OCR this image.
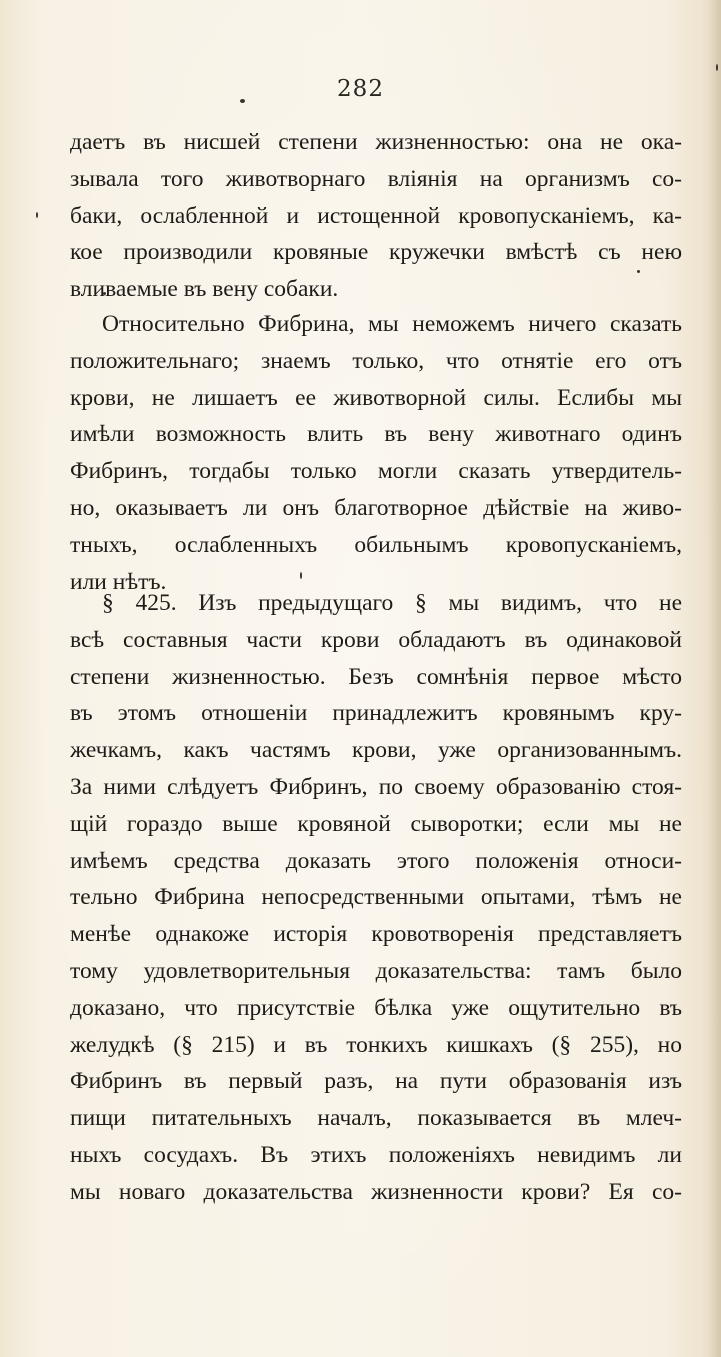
282
даетъ въ нисшей степени жизненностью: она не ока-
зывала того животворнаго влiянiя на организмъ со-
баки, ослабленной и истощенной кровопусканiемъ, ка-
кое производили кровяные кружечки вмѣстѣ съ нею
вливаемые въ вену собаки.
Относительно Фибрина, мы неможемъ ничего сказать
положительнаго; знаемъ только, что отнятiе его отъ
крови, не лишаетъ ее животворной силы. Еслибы мы
имѣли возможность влить въ вену животнаго одинъ
Фибринъ, тогдабы только могли сказать утвердитель-
но, оказываетъ ли онъ благотворное дѣйствiе на живо-
тныхъ, ослабленныхъ обильнымъ кровопусканiемъ,
или нѣтъ.
§ 425. Изъ предыдущаго § мы видимъ, что не
всѣ составныя части крови обладаютъ въ одинаковой
степени жизненностью. Безъ сомнѣнiя первое мѣсто
въ этомъ отношенiи принадлежитъ кровянымъ кру-
жечкамъ, какъ частямъ крови, уже организованнымъ.
За ними слѣдуетъ Фибринъ, по своему образованiю стоя-
щiй гораздо выше кровяной сыворотки; если мы не
имѣемъ средства доказать этого положенiя относи-
тельно Фибрина непосредственными опытами, тѣмъ не
менѣе однакоже исторiя кровотворенiя представляетъ
тому удовлетворительныя доказательства: тамъ было
доказано, что присутствiе бѣлка уже ощутительно въ
желудкѣ (§ 215) и въ тонкихъ кишкахъ (§ 255), но
Фибринъ въ первый разъ, на пути образованiя изъ
пищи питательныхъ началъ, показывается въ млеч-
ныхъ сосудахъ. Въ этихъ положенiяхъ невидимъ ли
мы новаго доказательства жизненности крови? Ея со-
